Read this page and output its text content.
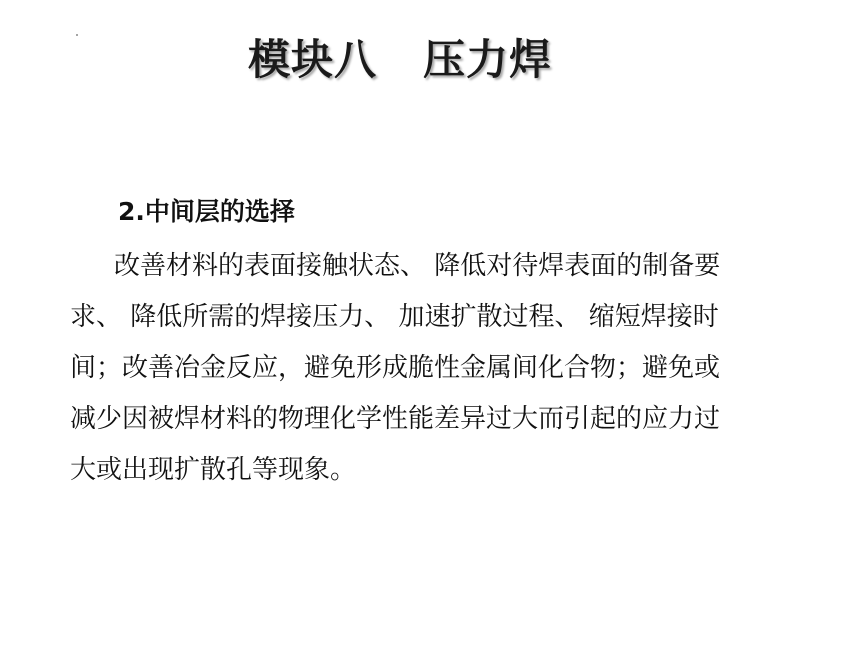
模块八 压力焊
2.中间层的选择
改善材料的表面接触状态、 降低对待焊表面的制备要
求、 降低所需的焊接压力、 加速扩散过程、 缩短焊接时
间；改善冶金反应，避免形成脆性金属间化合物；避免或
减少因被焊材料的物理化学性能差异过大而引起的应力过
大或出现扩散孔等现象。
